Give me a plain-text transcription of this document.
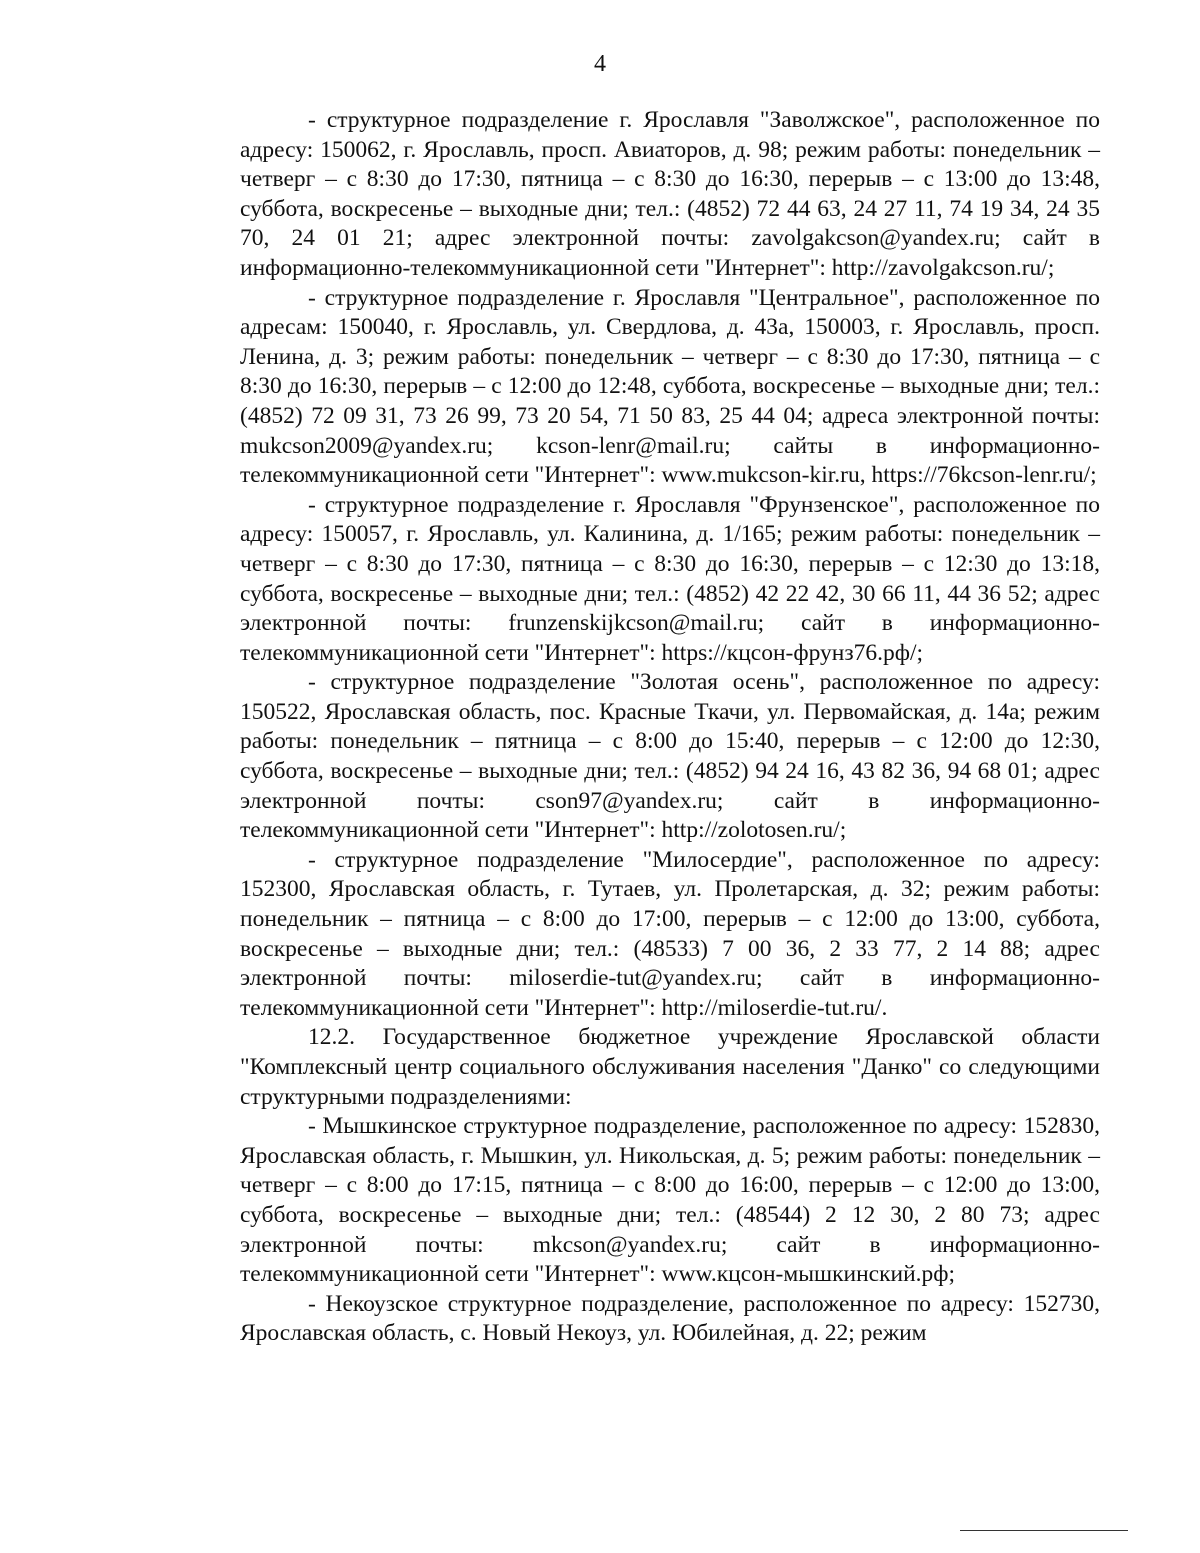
4

- структурное подразделение г. Ярославля "Заволжское", расположенное по адресу: 150062, г. Ярославль, просп. Авиаторов, д. 98; режим работы: понедельник – четверг – с 8:30 до 17:30, пятница – с 8:30 до 16:30, перерыв – с 13:00 до 13:48, суббота, воскресенье – выходные дни; тел.: (4852) 72 44 63, 24 27 11, 74 19 34, 24 35 70, 24 01 21; адрес электронной почты: zavolgakcson@yandex.ru; сайт в информационно-телекоммуникационной сети "Интернет": http://zavolgakcson.ru/;

- структурное подразделение г. Ярославля "Центральное", расположенное по адресам: 150040, г. Ярославль, ул. Свердлова, д. 43а, 150003, г. Ярославль, просп. Ленина, д. 3; режим работы: понедельник – четверг – с 8:30 до 17:30, пятница – с 8:30 до 16:30, перерыв – с 12:00 до 12:48, суббота, воскресенье – выходные дни; тел.: (4852) 72 09 31, 73 26 99, 73 20 54, 71 50 83, 25 44 04; адреса электронной почты: mukcson2009@yandex.ru; kcson-lenr@mail.ru; сайты в информационно-телекоммуникационной сети "Интернет": www.mukcson-kir.ru, https://76kcson-lenr.ru/;

- структурное подразделение г. Ярославля "Фрунзенское", расположенное по адресу: 150057, г. Ярославль, ул. Калинина, д. 1/165; режим работы: понедельник – четверг – с 8:30 до 17:30, пятница – с 8:30 до 16:30, перерыв – с 12:30 до 13:18, суббота, воскресенье – выходные дни; тел.: (4852) 42 22 42, 30 66 11, 44 36 52; адрес электронной почты: frunzenskijkcson@mail.ru; сайт в информационно-телекоммуникационной сети "Интернет": https://кцсон-фрунз76.рф/;

- структурное подразделение "Золотая осень", расположенное по адресу: 150522, Ярославская область, пос. Красные Ткачи, ул. Первомайская, д. 14а; режим работы: понедельник – пятница – с 8:00 до 15:40, перерыв – с 12:00 до 12:30, суббота, воскресенье – выходные дни; тел.: (4852) 94 24 16, 43 82 36, 94 68 01; адрес электронной почты: cson97@yandex.ru; сайт в информационно-телекоммуникационной сети "Интернет": http://zolotosen.ru/;

- структурное подразделение "Милосердие", расположенное по адресу: 152300, Ярославская область, г. Тутаев, ул. Пролетарская, д. 32; режим работы: понедельник – пятница – с 8:00 до 17:00, перерыв – с 12:00 до 13:00, суббота, воскресенье – выходные дни; тел.: (48533) 7 00 36, 2 33 77, 2 14 88; адрес электронной почты: miloserdie-tut@yandex.ru; сайт в информационно-телекоммуникационной сети "Интернет": http://miloserdie-tut.ru/.

12.2. Государственное бюджетное учреждение Ярославской области "Комплексный центр социального обслуживания населения "Данко" со следующими структурными подразделениями:

- Мышкинское структурное подразделение, расположенное по адресу: 152830, Ярославская область, г. Мышкин, ул. Никольская, д. 5; режим работы: понедельник – четверг – с 8:00 до 17:15, пятница – с 8:00 до 16:00, перерыв – с 12:00 до 13:00, суббота, воскресенье – выходные дни; тел.: (48544) 2 12 30, 2 80 73; адрес электронной почты: mkcson@yandex.ru; сайт в информационно-телекоммуникационной сети "Интернет": www.кцсон-мышкинский.рф;

- Некоузское структурное подразделение, расположенное по адресу: 152730, Ярославская область, с. Новый Некоуз, ул. Юбилейная, д. 22; режим
